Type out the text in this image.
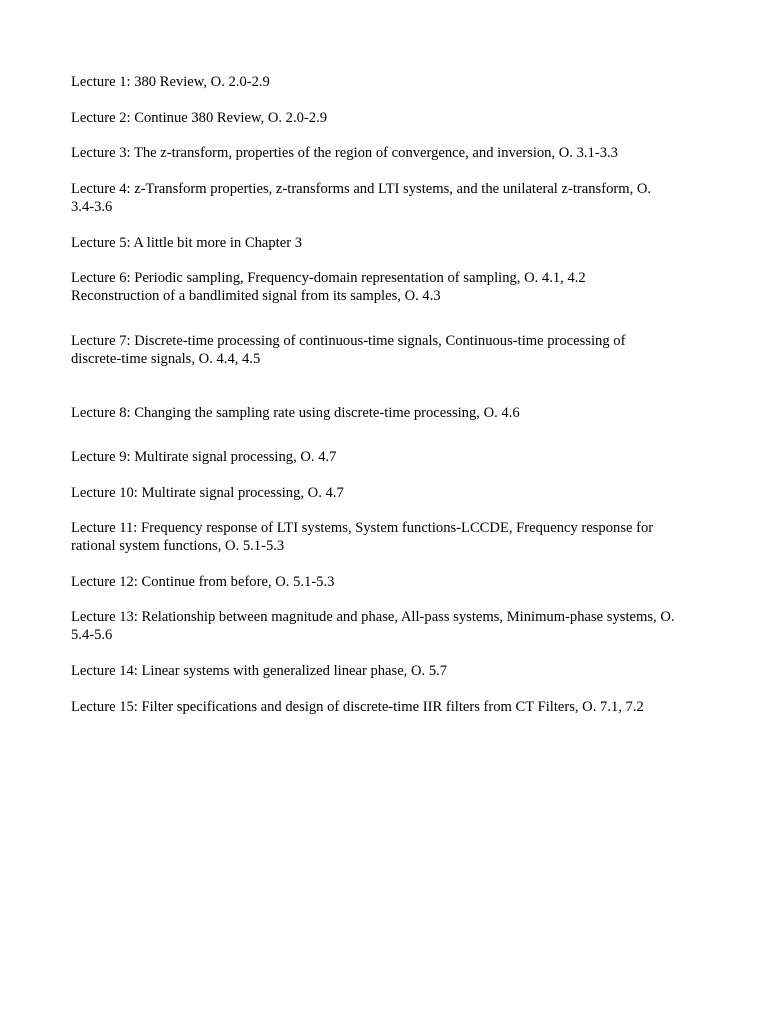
Lecture 1: 380 Review, O. 2.0-2.9

Lecture 2: Continue 380 Review, O. 2.0-2.9

Lecture 3: The z-transform, properties of the region of convergence, and inversion, O. 3.1-3.3

Lecture 4: z-Transform properties, z-transforms and LTI systems, and the unilateral z-transform, O.
3.4-3.6

Lecture 5: A little bit more in Chapter 3

Lecture 6: Periodic sampling, Frequency-domain representation of sampling, O. 4.1, 4.2
Reconstruction of a bandlimited signal from its samples, O. 4.3

Lecture 7: Discrete-time processing of continuous-time signals, Continuous-time processing of
discrete-time signals, O. 4.4, 4.5

Lecture 8: Changing the sampling rate using discrete-time processing, O. 4.6

Lecture 9: Multirate signal processing, O. 4.7

Lecture 10: Multirate signal processing, O. 4.7

Lecture 11: Frequency response of LTI systems, System functions-LCCDE, Frequency response for
rational system functions, O. 5.1-5.3

Lecture 12: Continue from before, O. 5.1-5.3

Lecture 13: Relationship between magnitude and phase, All-pass systems, Minimum-phase systems, O.
5.4-5.6

Lecture 14: Linear systems with generalized linear phase, O. 5.7

Lecture 15: Filter specifications and design of discrete-time IIR filters from CT Filters, O. 7.1, 7.2
